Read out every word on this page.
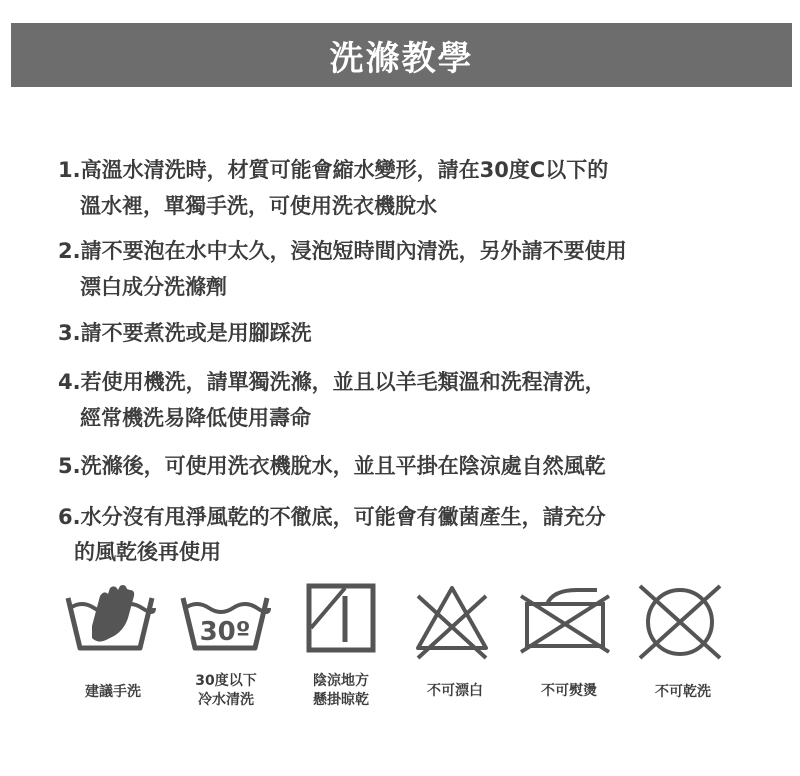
洗滌教學
1.高溫水清洗時，材質可能會縮水變形，請在30度C以下的
溫水裡，單獨手洗，可使用洗衣機脫水
2.請不要泡在水中太久，浸泡短時間內清洗，另外請不要使用
漂白成分洗滌劑
3.請不要煮洗或是用腳踩洗
4.若使用機洗，請單獨洗滌，並且以羊毛類溫和洗程清洗，
經常機洗易降低使用壽命
5.洗滌後，可使用洗衣機脫水，並且平掛在陰涼處自然風乾
6.水分沒有甩淨風乾的不徹底，可能會有黴菌產生，請充分
的風乾後再使用
30º
建議手洗
30度以下
冷水清洗
陰涼地方
懸掛晾乾
不可漂白	不可熨燙	不可乾洗
